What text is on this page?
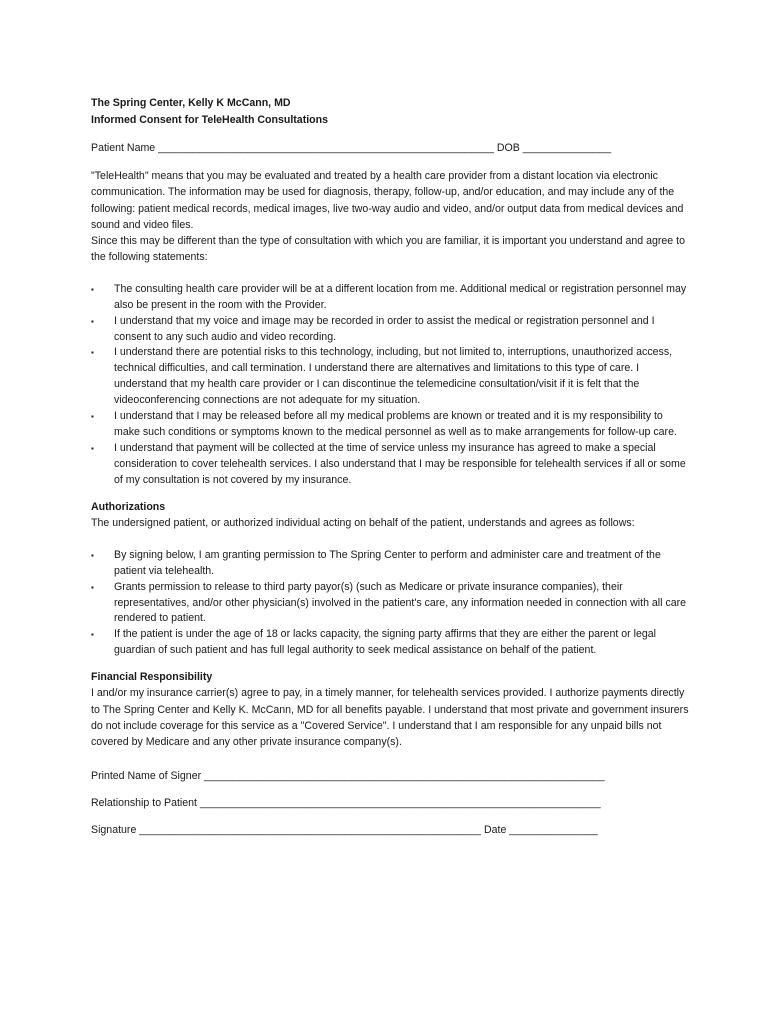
The Spring Center, Kelly K McCann, MD

Informed Consent for TeleHealth Consultations

Patient Name _________________________________________________________ DOB _______________

"TeleHealth" means that you may be evaluated and treated by a health care provider from a distant location via electronic communication. The information may be used for diagnosis, therapy, follow-up, and/or education, and may include any of the following: patient medical records, medical images, live two-way audio and video, and/or output data from medical devices and sound and video files.

Since this may be different than the type of consultation with which you are familiar, it is important you understand and agree to the following statements:

▪ The consulting health care provider will be at a different location from me. Additional medical or registration personnel may also be present in the room with the Provider.
▪ I understand that my voice and image may be recorded in order to assist the medical or registration personnel and I consent to any such audio and video recording.
▪ I understand there are potential risks to this technology, including, but not limited to, interruptions, unauthorized access, technical difficulties, and call termination. I understand there are alternatives and limitations to this type of care. I understand that my health care provider or I can discontinue the telemedicine consultation/visit if it is felt that the videoconferencing connections are not adequate for my situation.
▪ I understand that I may be released before all my medical problems are known or treated and it is my responsibility to make such conditions or symptoms known to the medical personnel as well as to make arrangements for follow-up care.
▪ I understand that payment will be collected at the time of service unless my insurance has agreed to make a special consideration to cover telehealth services. I also understand that I may be responsible for telehealth services if all or some of my consultation is not covered by my insurance.

Authorizations

The undersigned patient, or authorized individual acting on behalf of the patient, understands and agrees as follows:

▪ By signing below, I am granting permission to The Spring Center to perform and administer care and treatment of the patient via telehealth.
▪ Grants permission to release to third party payor(s) (such as Medicare or private insurance companies), their representatives, and/or other physician(s) involved in the patient's care, any information needed in connection with all care rendered to patient.
▪ If the patient is under the age of 18 or lacks capacity, the signing party affirms that they are either the parent or legal guardian of such patient and has full legal authority to seek medical assistance on behalf of the patient.

Financial Responsibility

I and/or my insurance carrier(s) agree to pay, in a timely manner, for telehealth services provided. I authorize payments directly to The Spring Center and Kelly K. McCann, MD for all benefits payable. I understand that most private and government insurers do not include coverage for this service as a "Covered Service". I understand that I am responsible for any unpaid bills not covered by Medicare and any other private insurance company(s).

Printed Name of Signer ____________________________________________________________________

Relationship to Patient ____________________________________________________________________

Signature __________________________________________________________ Date _______________
